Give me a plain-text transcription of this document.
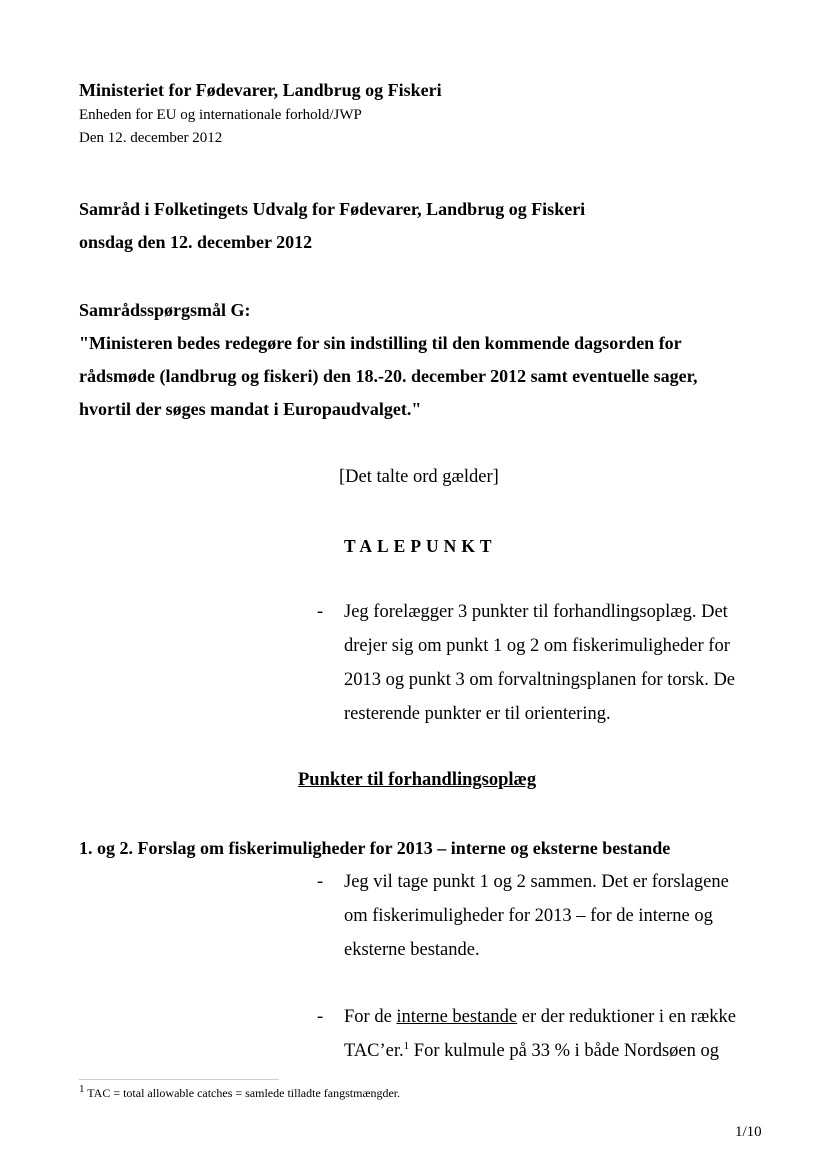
Ministeriet for Fødevarer, Landbrug og Fiskeri
Enheden for EU og internationale forhold/JWP
Den 12. december 2012
Samråd i Folketingets Udvalg for Fødevarer, Landbrug og Fiskeri
onsdag den 12. december 2012
Samrådsspørgsmål G:
"Ministeren bedes redegøre for sin indstilling til den kommende dagsorden for
rådsmøde (landbrug og fiskeri) den 18.-20. december 2012 samt eventuelle sager,
hvortil der søges mandat i Europaudvalget."
[Det talte ord gælder]
TALEPUNKT
- Jeg forelægger 3 punkter til forhandlingsoplæg. Det
drejer sig om punkt 1 og 2 om fiskerimuligheder for
2013 og punkt 3 om forvaltningsplanen for torsk. De
resterende punkter er til orientering.
Punkter til forhandlingsoplæg
1. og 2. Forslag om fiskerimuligheder for 2013 – interne og eksterne bestande
- Jeg vil tage punkt 1 og 2 sammen. Det er forslagene
om fiskerimuligheder for 2013 – for de interne og
eksterne bestande.
- For de interne bestande er der reduktioner i en række
TAC’er.$^1$ For kulmule på 33 % i både Nordsøen og
$^1$ TAC = total allowable catches = samlede tilladte fangstmængder.
1/10
